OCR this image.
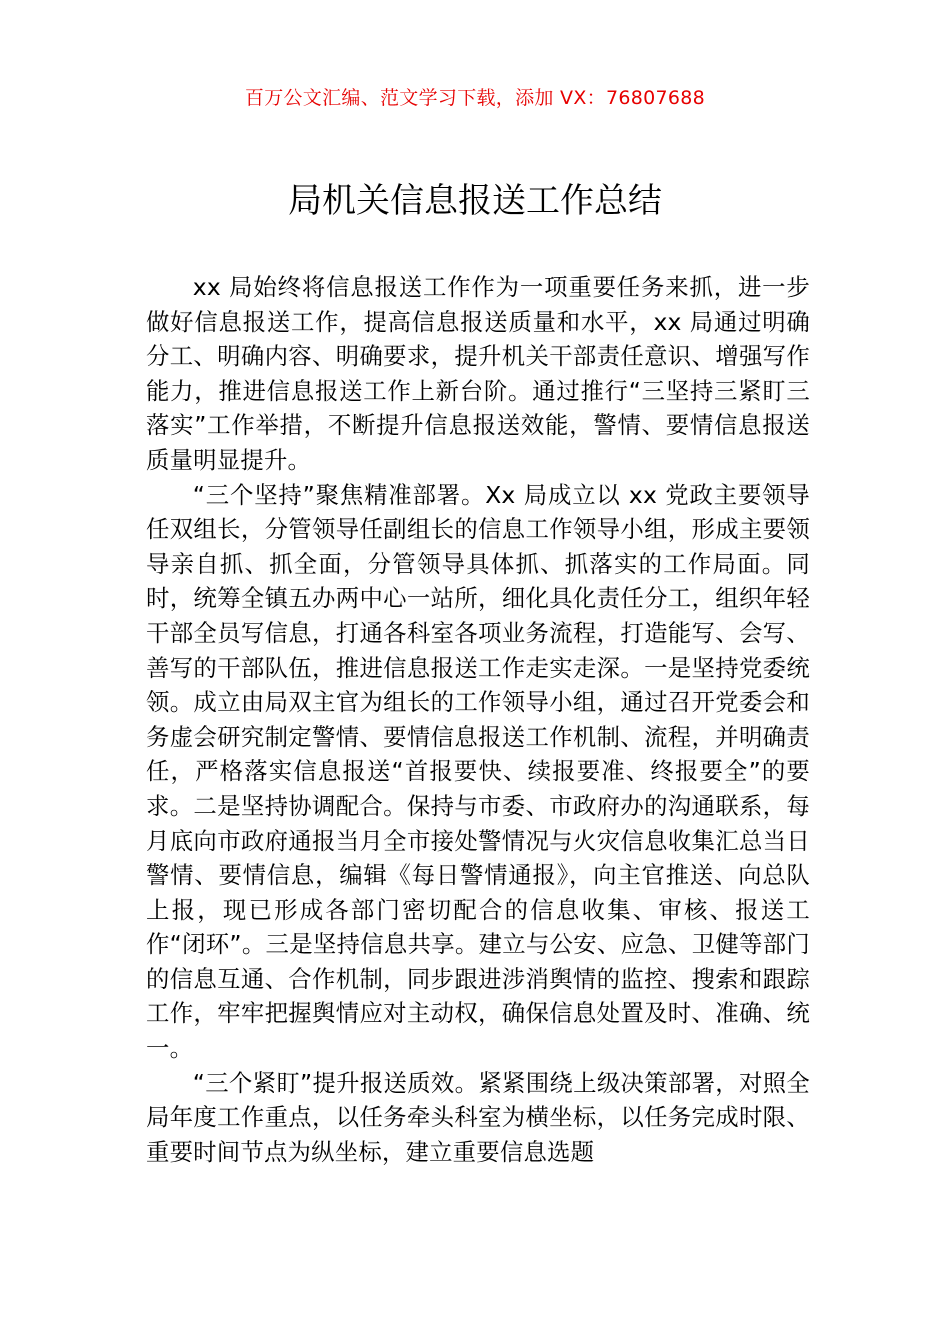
百万公文汇编、范文学习下载，添加 VX：76807688
局机关信息报送工作总结

xx 局始终将信息报送工作作为一项重要任务来抓，进一步做好信息报送工作，提高信息报送质量和水平，xx 局通过明确分工、明确内容、明确要求，提升机关干部责任意识、增强写作能力，推进信息报送工作上新台阶。通过推行“三坚持三紧盯三落实”工作举措，不断提升信息报送效能，警情、要情信息报送质量明显提升。

“三个坚持”聚焦精准部署。Xx 局成立以 xx 党政主要领导任双组长，分管领导任副组长的信息工作领导小组，形成主要领导亲自抓、抓全面，分管领导具体抓、抓落实的工作局面。同时，统筹全镇五办两中心一站所，细化具化责任分工，组织年轻干部全员写信息，打通各科室各项业务流程，打造能写、会写、善写的干部队伍，推进信息报送工作走实走深。一是坚持党委统领。成立由局双主官为组长的工作领导小组，通过召开党委会和务虚会研究制定警情、要情信息报送工作机制、流程，并明确责任，严格落实信息报送“首报要快、续报要准、终报要全”的要求。二是坚持协调配合。保持与市委、市政府办的沟通联系，每月底向市政府通报当月全市接处警情况与火灾信息收集汇总当日警情、要情信息，编辑《每日警情通报》，向主官推送、向总队上报，现已形成各部门密切配合的信息收集、审核、报送工作“闭环”。三是坚持信息共享。建立与公安、应急、卫健等部门的信息互通、合作机制，同步跟进涉消舆情的监控、搜索和跟踪工作，牢牢把握舆情应对主动权，确保信息处置及时、准确、统一。

“三个紧盯”提升报送质效。紧紧围绕上级决策部署，对照全局年度工作重点，以任务牵头科室为横坐标，以任务完成时限、重要时间节点为纵坐标，建立重要信息选题
